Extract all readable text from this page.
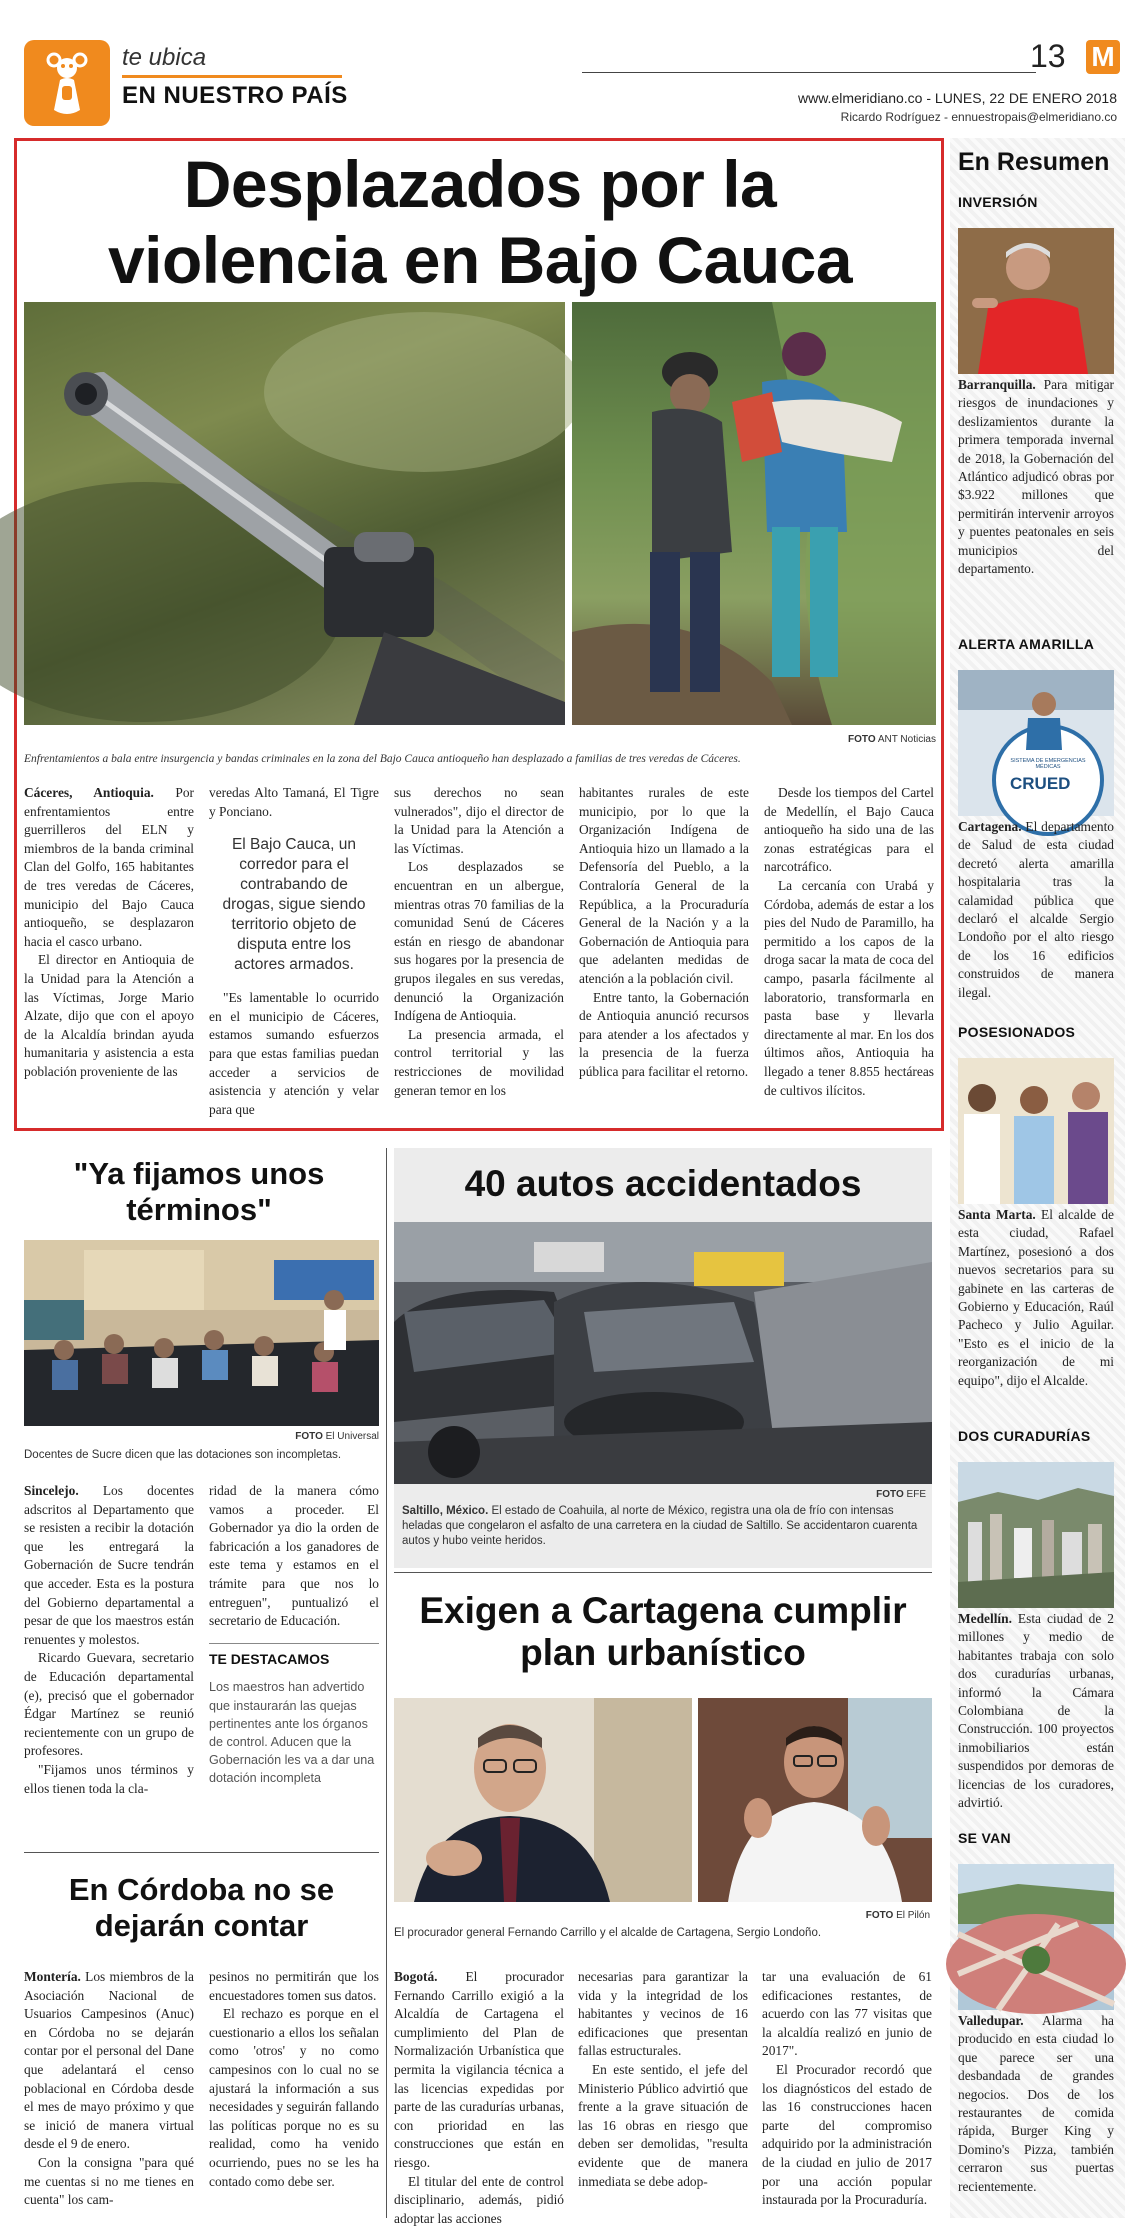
te ubica
EN NUESTRO PAÍS
13 M
www.elmeridiano.co - LUNES, 22 DE ENERO 2018
Ricardo Rodríguez - ennuestropais@elmeridiano.co
Desplazados por la violencia en Bajo Cauca
Enfrentamientos a bala entre insurgencia y bandas criminales en la zona del Bajo Cauca antioqueño han desplazado a familias de tres veredas de Cáceres.
FOTO ANT Noticias

Cáceres, Antioquia. Por enfrentamientos entre guerrilleros del ELN y miembros de la banda criminal Clan del Golfo, 165 habitantes de tres veredas de Cáceres, municipio del Bajo Cauca antioqueño, se desplazaron hacia el casco urbano.

El director en Antioquia de la Unidad para la Atención a las Víctimas, Jorge Mario Alzate, dijo que con el apoyo de la Alcaldía brindan ayuda humanitaria y asistencia a esta población proveniente de las

veredas Alto Tamaná, El Tigre y Ponciano.

El Bajo Cauca, un corredor para el contrabando de drogas, sigue siendo territorio objeto de disputa entre los actores armados.

"Es lamentable lo ocurrido en el municipio de Cáceres, estamos sumando esfuerzos para que estas familias puedan acceder a servicios de asistencia y atención y velar para que

sus derechos no sean vulnerados", dijo el director de la Unidad para la Atención a las Víctimas.

Los desplazados se encuentran en un albergue, mientras otras 70 familias de la comunidad Senú de Cáceres están en riesgo de abandonar sus hogares por la presencia de grupos ilegales en sus veredas, denunció la Organización Indígena de Antioquia.

La presencia armada, el control territorial y las restricciones de movilidad generan temor en los

habitantes rurales de este municipio, por lo que la Organización Indígena de Antioquia hizo un llamado a la Defensoría del Pueblo, a la Contraloría General de la República, a la Procuraduría General de la Nación y a la Gobernación de Antioquia para que adelanten medidas de atención a la población civil.

Entre tanto, la Gobernación de Antioquia anunció recursos para atender a los afectados y la presencia de la fuerza pública para facilitar el retorno.

Desde los tiempos del Cartel de Medellín, el Bajo Cauca antioqueño ha sido una de las zonas estratégicas para el narcotráfico.

La cercanía con Urabá y Córdoba, además de estar a los pies del Nudo de Paramillo, ha permitido a los capos de la droga sacar la mata de coca del campo, pasarla fácilmente al laboratorio, transformarla en pasta base y llevarla directamente al mar. En los dos últimos años, Antioquia ha llegado a tener 8.855 hectáreas de cultivos ilícitos.

En Resumen
INVERSIÓN
Barranquilla. Para mitigar riesgos de inundaciones y deslizamientos durante la primera temporada invernal de 2018, la Gobernación del Atlántico adjudicó obras por $3.922 millones que permitirán intervenir arroyos y puentes peatonales en seis municipios del departamento.
ALERTA AMARILLA
CRUED
SISTEMA DE EMERGENCIAS MÉDICAS
Cartagena. El departamento de Salud de esta ciudad decretó alerta amarilla hospitalaria tras la calamidad pública que declaró el alcalde Sergio Londoño por el alto riesgo de los 16 edificios construidos de manera ilegal.
POSESIONADOS
Santa Marta. El alcalde de esta ciudad, Rafael Martínez, posesionó a dos nuevos secretarios para su gabinete en las carteras de Gobierno y Educación, Raúl Pacheco y Julio Aguilar. "Esto es el inicio de la reorganización de mi equipo", dijo el Alcalde.
DOS CURADURÍAS
Medellín. Esta ciudad de 2 millones y medio de habitantes trabaja con solo dos curadurías urbanas, informó la Cámara Colombiana de la Construcción. 100 proyectos inmobiliarios están suspendidos por demoras de licencias de los curadores, advirtió.
SE VAN
Valledupar. Alarma ha producido en esta ciudad lo que parece ser una desbandada de grandes negocios. Dos de los restaurantes de comida rápida, Burger King y Domino's Pizza, también cerraron sus puertas recientemente.
"Ya fijamos unos términos"
FOTO El Universal
Docentes de Sucre dicen que las dotaciones son incompletas.

Sincelejo. Los docentes adscritos al Departamento que se resisten a recibir la dotación que les entregará la Gobernación de Sucre tendrán que acceder. Esta es la postura del Gobierno departamental a pesar de que los maestros están renuentes y molestos.

Ricardo Guevara, secretario de Educación departamental (e), precisó que el gobernador Édgar Martínez se reunió recientemente con un grupo de profesores.

"Fijamos unos términos y ellos tienen toda la cla-

ridad de la manera cómo vamos a proceder. El Gobernador ya dio la orden de fabricación a los ganadores de este tema y estamos en el trámite para que nos lo entreguen", puntualizó el secretario de Educación.

TE DESTACAMOS
Los maestros han advertido que instaurarán las quejas pertinentes ante los órganos de control. Aducen que la Gobernación les va a dar una dotación incompleta
En Córdoba no se dejarán contar

Montería. Los miembros de la Asociación Nacional de Usuarios Campesinos (Anuc) en Córdoba no se dejarán contar por el personal del Dane que adelantará el censo poblacional en Córdoba desde el mes de mayo próximo y que se inició de manera virtual desde el 9 de enero.

Con la consigna "para qué me cuentas si no me tienes en cuenta" los cam-

pesinos no permitirán que los encuestadores tomen sus datos.

El rechazo es porque en el cuestionario a ellos los señalan como 'otros' y no como campesinos con lo cual no se ajustará la información a sus necesidades y seguirán fallando las políticas porque no es su realidad, como ha venido ocurriendo, pues no se les ha contado como debe ser.

40 autos accidentados
FOTO EFE
Saltillo, México. El estado de Coahuila, al norte de México, registra una ola de frío con intensas heladas que congelaron el asfalto de una carretera en la ciudad de Saltillo. Se accidentaron cuarenta autos y hubo veinte heridos.
Exigen a Cartagena cumplir plan urbanístico
FOTO El Pilón
El procurador general Fernando Carrillo y el alcalde de Cartagena, Sergio Londoño.

Bogotá. El procurador Fernando Carrillo exigió a la Alcaldía de Cartagena el cumplimiento del Plan de Normalización Urbanística que permita la vigilancia técnica a las licencias expedidas por parte de las curadurías urbanas, con prioridad en las construcciones que están en riesgo.

El titular del ente de control disciplinario, además, pidió adoptar las acciones

necesarias para garantizar la vida y la integridad de los habitantes y vecinos de 16 edificaciones que presentan fallas estructurales.

En este sentido, el jefe del Ministerio Público advirtió que frente a la grave situación de las 16 obras en riesgo que deben ser demolidas, "resulta evidente que de manera inmediata se debe adop-

tar una evaluación de 61 edificaciones restantes, de acuerdo con las 77 visitas que la alcaldía realizó en junio de 2017".

El Procurador recordó que los diagnósticos del estado de las 16 construcciones hacen parte del compromiso adquirido por la administración de la ciudad en julio de 2017 por una acción popular instaurada por la Procuraduría.
